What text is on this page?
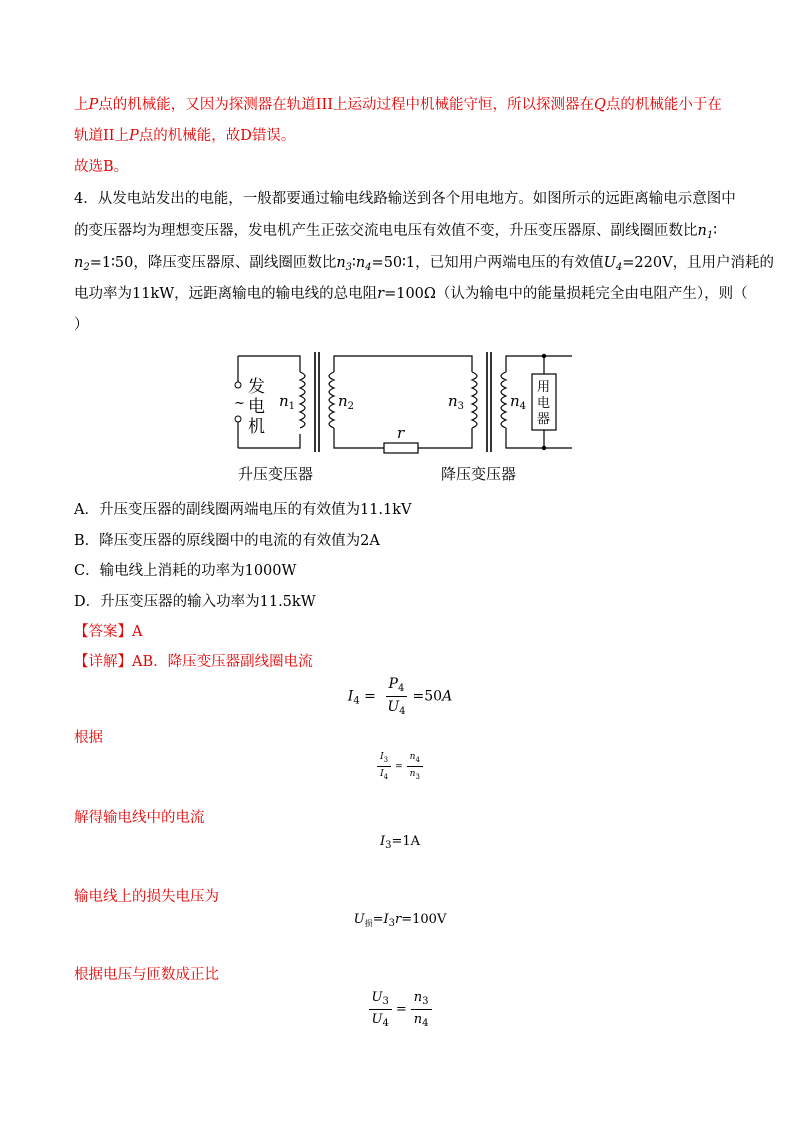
上P点的机械能，又因为探测器在轨道III上运动过程中机械能守恒，所以探测器在Q点的机械能小于在
轨道II上P点的机械能，故D错误。
故选B。
4．从发电站发出的电能，一般都要通过输电线路输送到各个用电地方。如图所示的远距离输电示意图中
的变压器均为理想变压器，发电机产生正弦交流电电压有效值不变，升压变压器原、副线圈匝数比$n_1∶$
$n_2=1∶50$，降压变压器原、副线圈匝数比$n_3∶n_4=50∶1$，已知用户两端电压的有效值$U_4=220V$，且用户消耗的
电功率为11kW，远距离输电的输电线的总电阻r=100Ω（认为输电中的能量损耗完全由电阻产生），则（
）
发
电
机
~ $n_1$	$n_2$	$n_3$	$n_4$
r
用
电
器
升压变压器	降压变压器
A．升压变压器的副线圈两端电压的有效值为11.1kV
B．降压变压器的原线圈中的电流的有效值为2A
C．输电线上消耗的功率为1000W
D．升压变压器的输入功率为11.5kW
【答案】A
【详解】AB．降压变压器副线圈电流
$I_4 = \frac{P_4}{U_4} =50A$
根据
$\frac{I_3}{I_4} = \frac{n_4}{n_3}$
解得输电线中的电流
$I_3=1A$
输电线上的损失电压为
$U_损=I_3r=100V$
根据电压与匝数成正比
$\frac{U_3}{U_4} = \frac{n_3}{n_4}$
